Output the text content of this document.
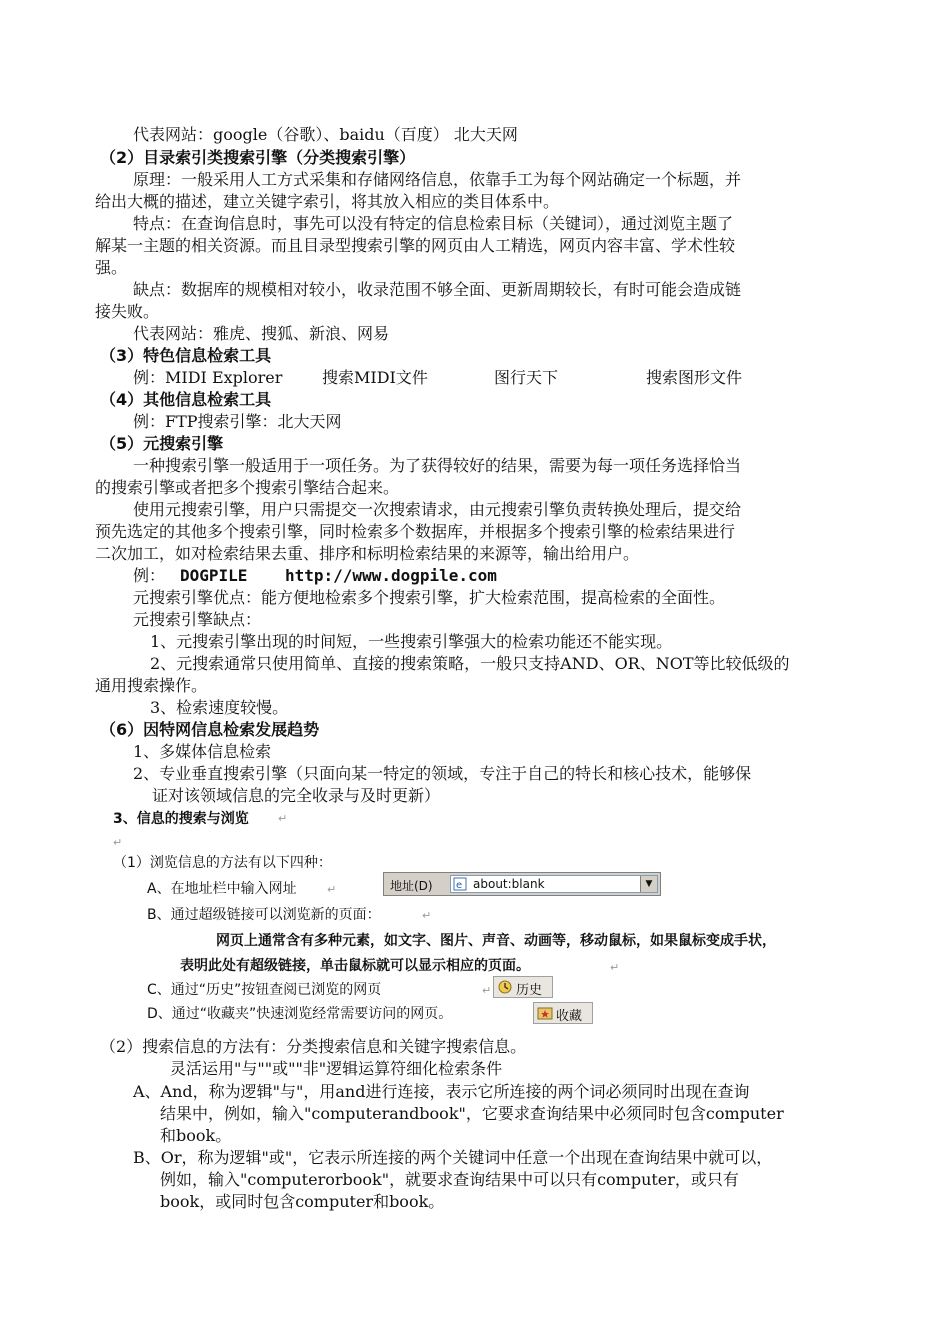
代表网站：google（谷歌）、baidu（百度） 北大天网
（2）目录索引类搜索引擎（分类搜索引擎）
原理：一般采用人工方式采集和存储网络信息，依靠手工为每个网站确定一个标题，并
给出大概的描述，建立关键字索引，将其放入相应的类目体系中。
特点：在查询信息时，事先可以没有特定的信息检索目标（关键词），通过浏览主题了
解某一主题的相关资源。而且目录型搜索引擎的网页由人工精选，网页内容丰富、学术性较
强。
缺点：数据库的规模相对较小，收录范围不够全面、更新周期较长，有时可能会造成链
接失败。
代表网站：雅虎、搜狐、新浪、网易
（3）特色信息检索工具
例：MIDI Explorer 搜索MIDI文件	图行天下	搜索图形文件
（4）其他信息检索工具
例：FTP搜索引擎：北大天网
（5）元搜索引擎
一种搜索引擎一般适用于一项任务。为了获得较好的结果，需要为每一项任务选择恰当
的搜索引擎或者把多个搜索引擎结合起来。
使用元搜索引擎，用户只需提交一次搜索请求，由元搜索引擎负责转换处理后，提交给
预先选定的其他多个搜索引擎，同时检索多个数据库，并根据多个搜索引擎的检索结果进行
二次加工，如对检索结果去重、排序和标明检索结果的来源等，输出给用户。
例： DOGPILE http://www.dogpile.com
元搜索引擎优点：能方便地检索多个搜索引擎，扩大检索范围，提高检索的全面性。
元搜索引擎缺点：
1、元搜索引擎出现的时间短，一些搜索引擎强大的检索功能还不能实现。
2、元搜索通常只使用简单、直接的搜索策略，一般只支持AND、OR、NOT等比较低级的
通用搜索操作。
3、检索速度较慢。
（6）因特网信息检索发展趋势
1、多媒体信息检索
2、专业垂直搜索引擎（只面向某一特定的领域，专注于自己的特长和核心技术，能够保
证对该领域信息的完全收录与及时更新）
3、信息的搜索与浏览	↵
↵
（1）浏览信息的方法有以下四种：
A、在地址栏中输入网址	↵	地址(D) e about:blank	▼
B、通过超级链接可以浏览新的页面：	↵
网页上通常含有多种元素，如文字、图片、声音、动画等，移动鼠标，如果鼠标变成手状，
表明此处有超级链接，单击鼠标就可以显示相应的页面。	↵
C、通过“历史”按钮查阅已浏览的网页	↵ 历史
D、通过“收藏夹”快速浏览经常需要访问的网页。	收藏
（2）搜索信息的方法有：分类搜索信息和关键字搜索信息。
灵活运用"与""或""非"逻辑运算符细化检索条件
A、And，称为逻辑"与"，用and进行连接，表示它所连接的两个词必须同时出现在查询
结果中，例如，输入"computerandbook"，它要求查询结果中必须同时包含computer
和book。
B、Or，称为逻辑"或"，它表示所连接的两个关键词中任意一个出现在查询结果中就可以，
例如，输入"computerorbook"，就要求查询结果中可以只有computer，或只有
book，或同时包含computer和book。
